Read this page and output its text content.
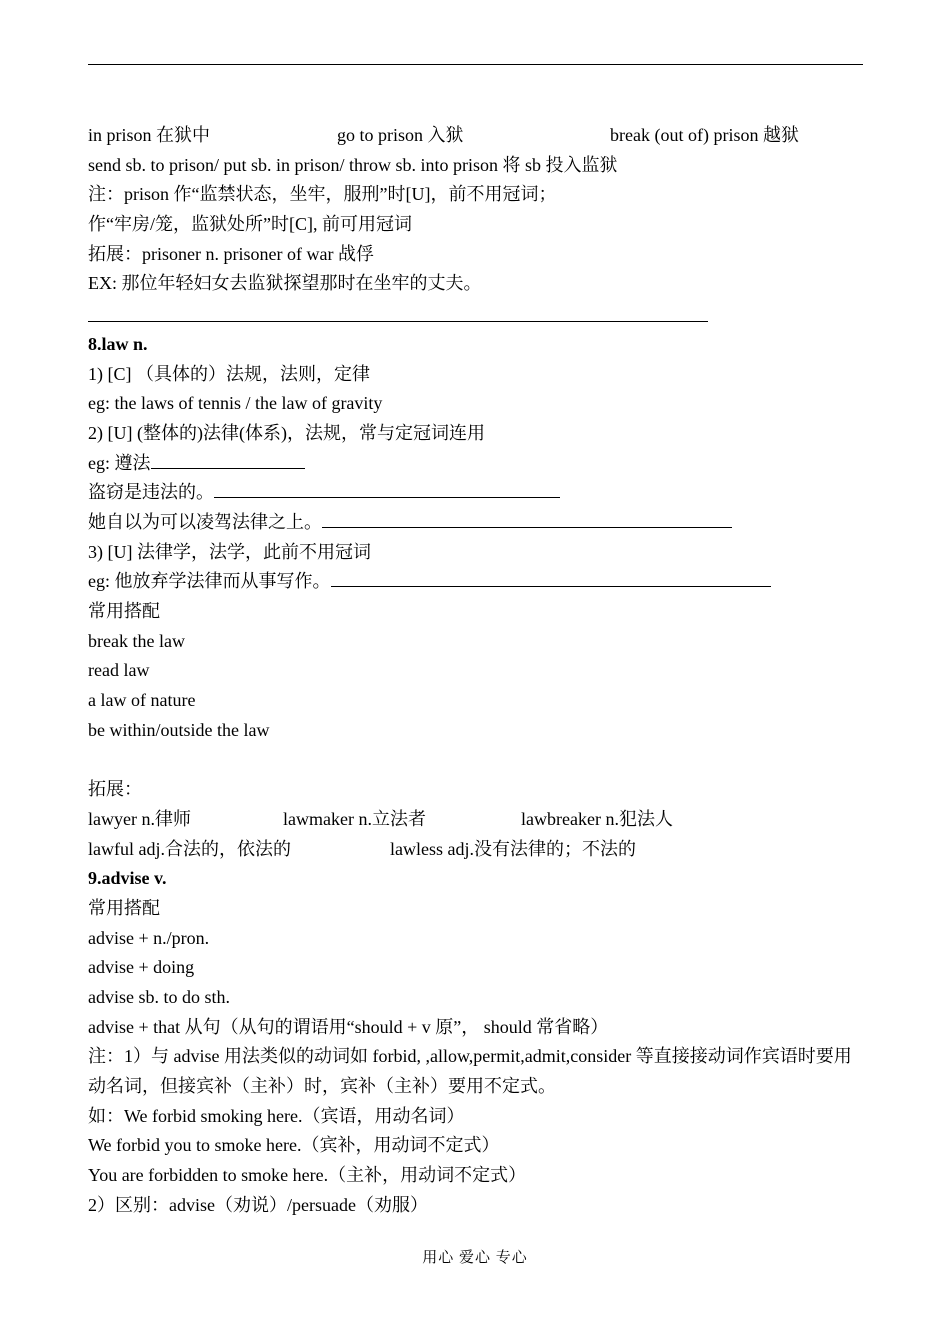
in prison 在狱中	go to prison 入狱	break (out of) prison 越狱
send sb. to prison/ put sb. in prison/ throw sb. into prison 将 sb 投入监狱
注：prison 作“监禁状态，坐牢，服刑”时[U]，前不用冠词；
作“牢房/笼，监狱处所”时[C], 前可用冠词
拓展：prisoner n. prisoner of war 战俘
EX: 那位年轻妇女去监狱探望那时在坐牢的丈夫。
8.law n.
1) [C] （具体的）法规，法则，定律
eg: the laws of tennis / the law of gravity
2) [U] (整体的)法律(体系)，法规，常与定冠词连用
eg: 遵法
盗窃是违法的。
她自以为可以凌驾法律之上。
3) [U] 法律学，法学，此前不用冠词
eg: 他放弃学法律而从事写作。
常用搭配
break the law
read law
a law of nature
be within/outside the law
拓展：
lawyer n.律师	lawmaker n.立法者	lawbreaker n.犯法人
lawful adj.合法的，依法的	lawless adj.没有法律的；不法的
9.advise v.
常用搭配
advise + n./pron.
advise + doing
advise sb. to do sth.
advise + that 从句（从句的谓语用“should + v 原”， should 常省略）
注：1）与 advise 用法类似的动词如 forbid, ,allow,permit,admit,consider 等直接接动词作宾语时要用动名词，但接宾补（主补）时，宾补（主补）要用不定式。
如：We forbid smoking here.（宾语，用动名词）
We forbid you to smoke here.（宾补，用动词不定式）
You are forbidden to smoke here.（主补，用动词不定式）
2）区别：advise（劝说）/persuade（劝服）
用心 爱心 专心
